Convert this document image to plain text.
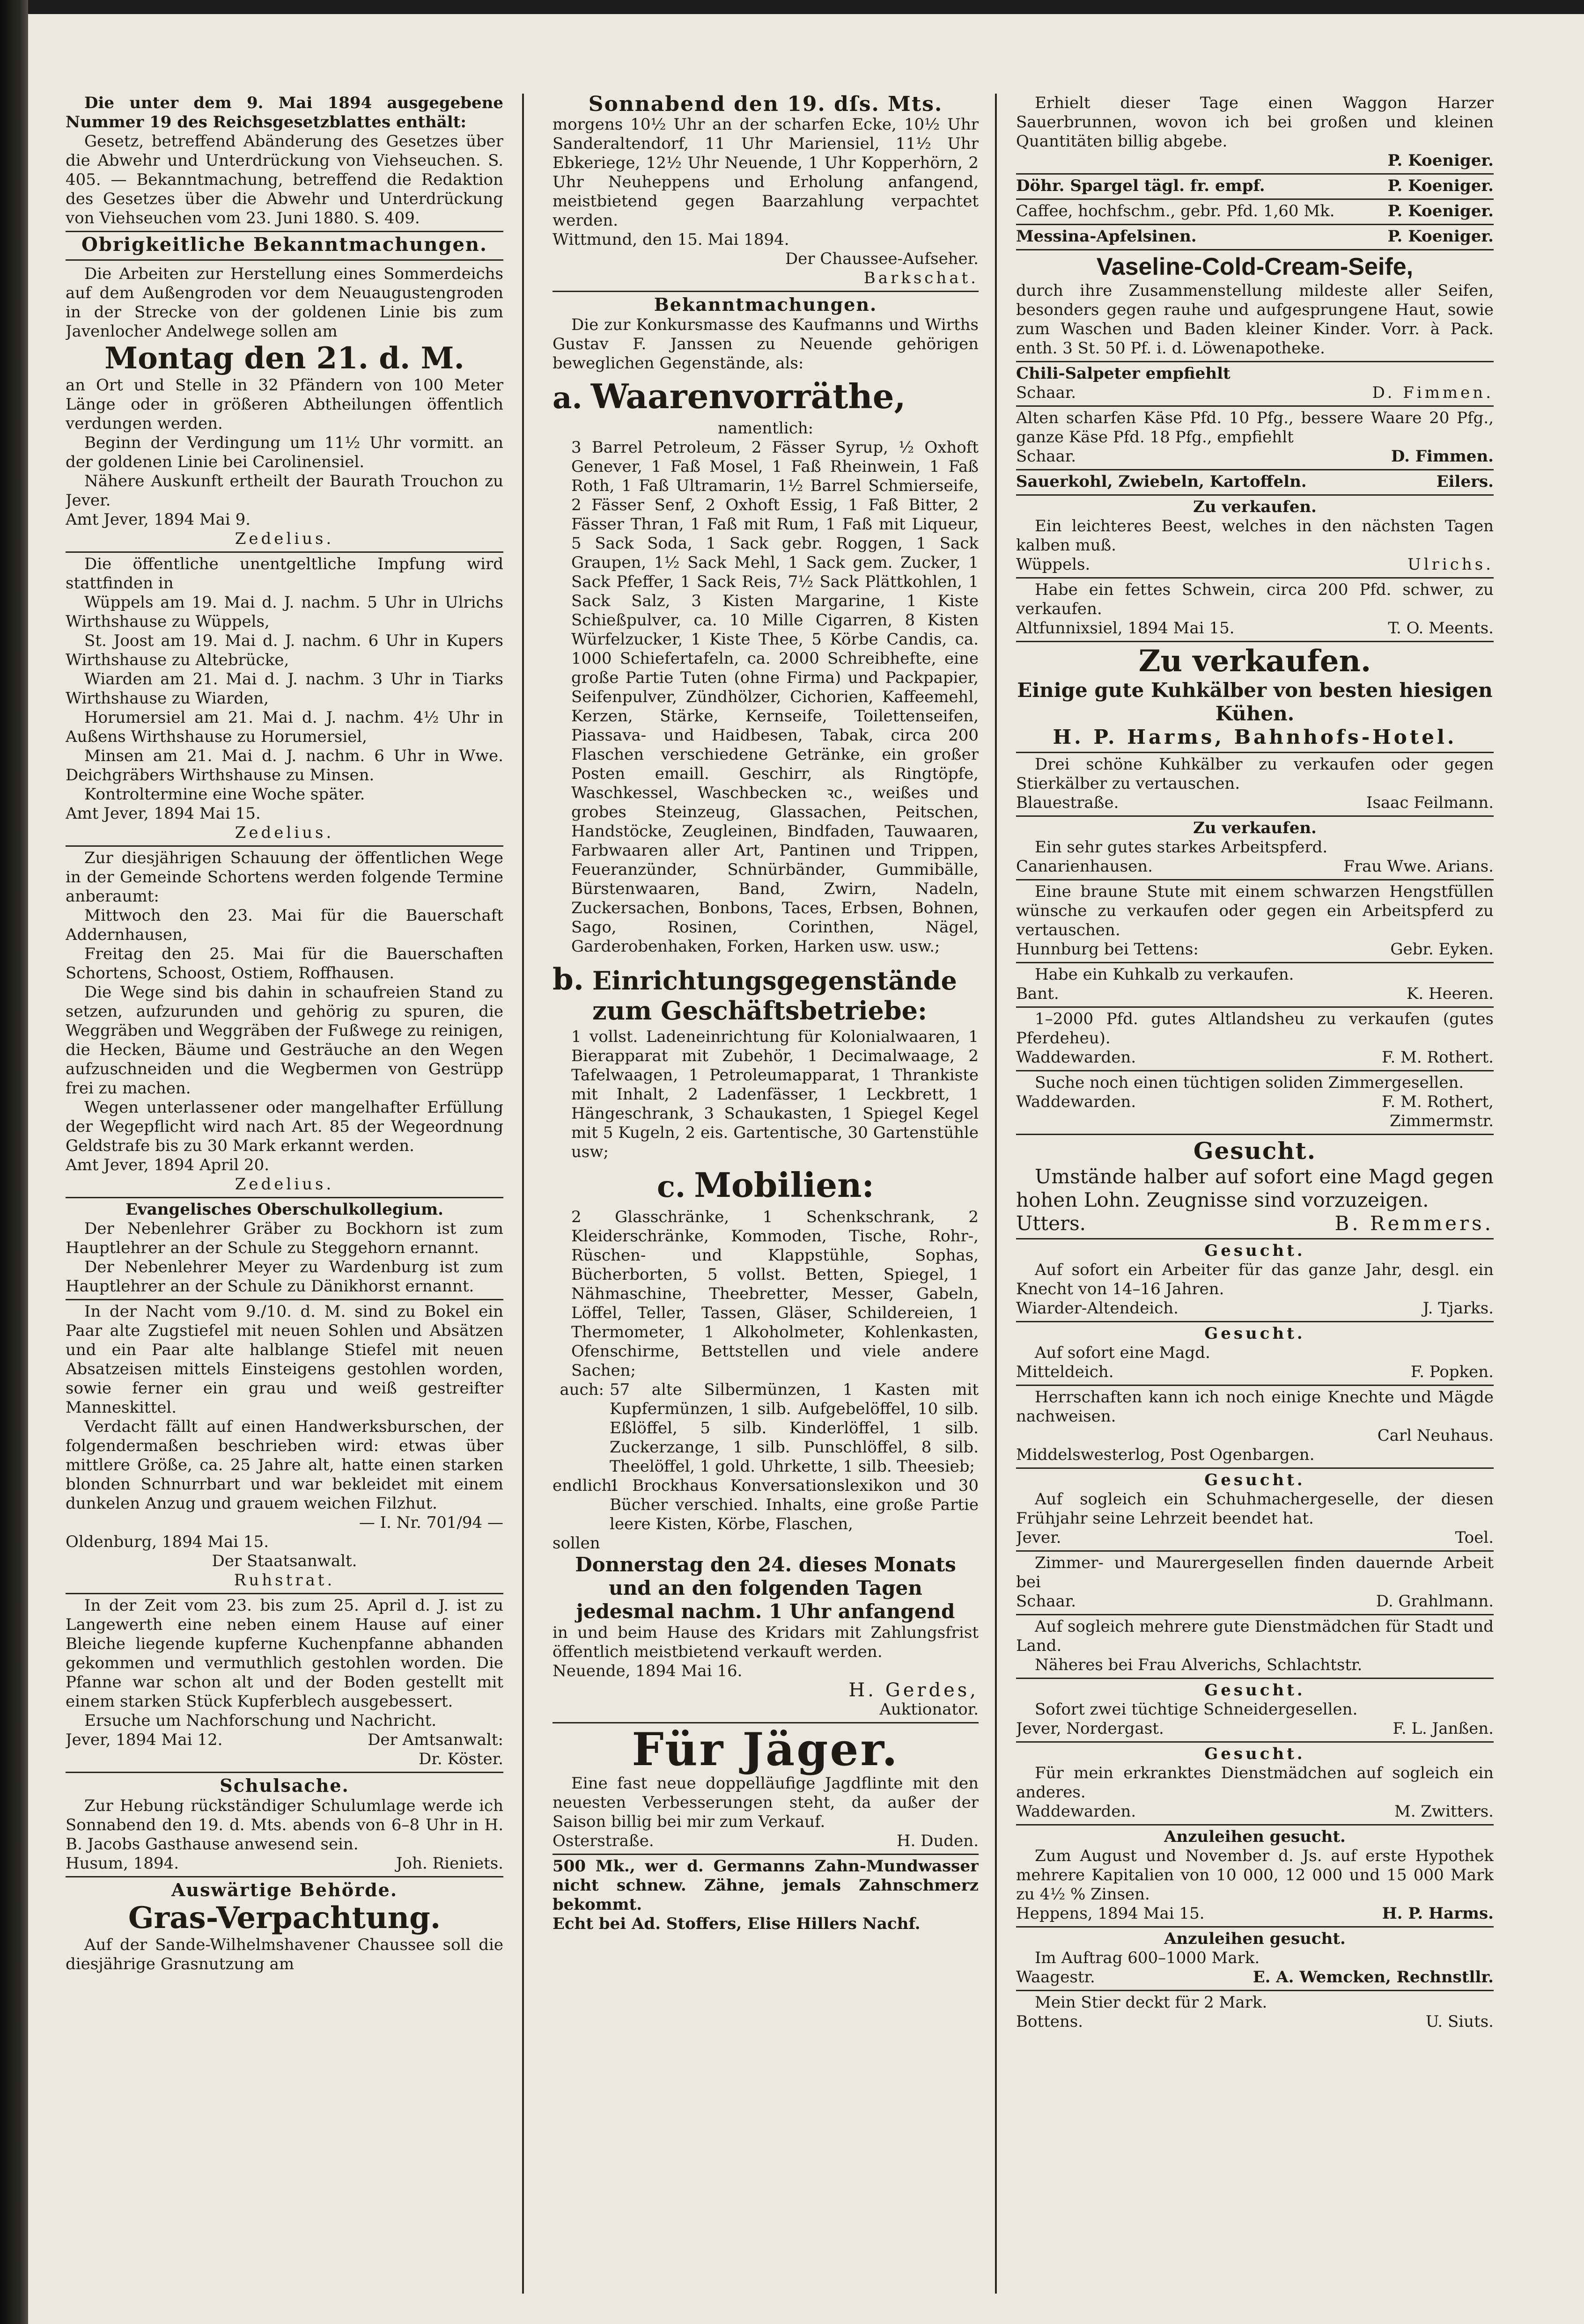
Die unter dem 9. Mai 1894 ausgegebene Nummer 19 des Reichsgesetzblattes enthält:

Gesetz, betreffend Abänderung des Gesetzes über die Abwehr und Unterdrückung von Viehseuchen. S. 405. — Bekanntmachung, betreffend die Redaktion des Gesetzes über die Abwehr und Unterdrückung von Viehseuchen vom 23. Juni 1880. S. 409.

Obrigkeitliche Bekanntmachungen.

Die Arbeiten zur Herstellung eines Sommerdeichs auf dem Außengroden vor dem Neuaugustengroden in der Strecke von der goldenen Linie bis zum Javenlocher Andelwege sollen am

Montag den 21. d. M.

an Ort und Stelle in 32 Pfändern von 100 Meter Länge oder in größeren Abtheilungen öffentlich verdungen werden.

Beginn der Verdingung um 11½ Uhr vormitt. an der goldenen Linie bei Carolinensiel.

Nähere Auskunft ertheilt der Baurath Trouchon zu Jever.

Amt Jever, 1894 Mai 9.
Zedelius.

Die öffentliche unentgeltliche Impfung wird stattfinden in

Wüppels am 19. Mai d. J. nachm. 5 Uhr in Ulrichs Wirthshause zu Wüppels,

St. Joost am 19. Mai d. J. nachm. 6 Uhr in Kupers Wirthshause zu Altebrücke,

Wiarden am 21. Mai d. J. nachm. 3 Uhr in Tiarks Wirthshause zu Wiarden,

Horumersiel am 21. Mai d. J. nachm. 4½ Uhr in Außens Wirthshause zu Horumersiel,

Minsen am 21. Mai d. J. nachm. 6 Uhr in Wwe. Deichgräbers Wirthshause zu Minsen.

Kontroltermine eine Woche später.

Amt Jever, 1894 Mai 15.
Zedelius.

Zur diesjährigen Schauung der öffentlichen Wege in der Gemeinde Schortens werden folgende Termine anberaumt:

Mittwoch den 23. Mai für die Bauerschaft Addernhausen,

Freitag den 25. Mai für die Bauerschaften Schortens, Schoost, Ostiem, Roffhausen.

Die Wege sind bis dahin in schaufreien Stand zu setzen, aufzurunden und gehörig zu spuren, die Weggräben und Weggräben der Fußwege zu reinigen, die Hecken, Bäume und Gesträuche an den Wegen aufzuschneiden und die Wegbermen von Gestrüpp frei zu machen.

Wegen unterlassener oder mangelhafter Erfüllung der Wegepflicht wird nach Art. 85 der Wegeordnung Geldstrafe bis zu 30 Mark erkannt werden.

Amt Jever, 1894 April 20.
Zedelius.
Evangelisches Oberschulkollegium.

Der Nebenlehrer Gräber zu Bockhorn ist zum Hauptlehrer an der Schule zu Steggehorn ernannt.

Der Nebenlehrer Meyer zu Wardenburg ist zum Hauptlehrer an der Schule zu Dänikhorst ernannt.

In der Nacht vom 9./10. d. M. sind zu Bokel ein Paar alte Zugstiefel mit neuen Sohlen und Absätzen und ein Paar alte halblange Stiefel mit neuen Absatzeisen mittels Einsteigens gestohlen worden, sowie ferner ein grau und weiß gestreifter Manneskittel.

Verdacht fällt auf einen Handwerksburschen, der folgendermaßen beschrieben wird: etwas über mittlere Größe, ca. 25 Jahre alt, hatte einen starken blonden Schnurrbart und war bekleidet mit einem dunkelen Anzug und grauem weichen Filzhut.

— I. Nr. 701/94 —
Oldenburg, 1894 Mai 15.
Der Staatsanwalt.
Ruhstrat.

In der Zeit vom 23. bis zum 25. April d. J. ist zu Langewerth eine neben einem Hause auf einer Bleiche liegende kupferne Kuchenpfanne abhanden gekommen und vermuthlich gestohlen worden. Die Pfanne war schon alt und der Boden gestellt mit einem starken Stück Kupferblech ausgebessert.

Ersuche um Nachforschung und Nachricht.

Jever, 1894 Mai 12.	Der Amtsanwalt:
Dr. Köster.
Schulsache.

Zur Hebung rückständiger Schulumlage werde ich Sonnabend den 19. d. Mts. abends von 6–8 Uhr in H. B. Jacobs Gasthause anwesend sein.

Husum, 1894.	Joh. Rieniets.
Auswärtige Behörde.
Gras-Verpachtung.

Auf der Sande-Wilhelmshavener Chaussee soll die diesjährige Grasnutzung am

Sonnabend den 19. dſs. Mts.

morgens 10½ Uhr an der scharfen Ecke, 10½ Uhr Sanderaltendorf, 11 Uhr Mariensiel, 11½ Uhr Ebkeriege, 12½ Uhr Neuende, 1 Uhr Kopperhörn, 2 Uhr Neuheppens und Erholung anfangend, meistbietend gegen Baarzahlung verpachtet werden.

Wittmund, den 15. Mai 1894.
Der Chaussee-Aufseher.
Barkschat.
Bekanntmachungen.

Die zur Konkursmasse des Kaufmanns und Wirths Gustav F. Janssen zu Neuende gehörigen beweglichen Gegenstände, als:

a. Waarenvorräthe,
namentlich:

3 Barrel Petroleum, 2 Fässer Syrup, ½ Oxhoft Genever, 1 Faß Mosel, 1 Faß Rheinwein, 1 Faß Roth, 1 Faß Ultramarin, 1½ Barrel Schmierseife, 2 Fässer Senf, 2 Oxhoft Essig, 1 Faß Bitter, 2 Fässer Thran, 1 Faß mit Rum, 1 Faß mit Liqueur, 5 Sack Soda, 1 Sack gebr. Roggen, 1 Sack Graupen, 1½ Sack Mehl, 1 Sack gem. Zucker, 1 Sack Pfeffer, 1 Sack Reis, 7½ Sack Plättkohlen, 1 Sack Salz, 3 Kisten Margarine, 1 Kiste Schießpulver, ca. 10 Mille Cigarren, 8 Kisten Würfelzucker, 1 Kiste Thee, 5 Körbe Candis, ca. 1000 Schiefertafeln, ca. 2000 Schreibhefte, eine große Partie Tuten (ohne Firma) und Packpapier, Seifenpulver, Zündhölzer, Cichorien, Kaffeemehl, Kerzen, Stärke, Kernseife, Toilettenseifen, Piassava- und Haidbesen, Tabak, circa 200 Flaschen verschiedene Getränke, ein großer Posten emaill. Geschirr, als Ringtöpfe, Waschkessel, Waschbecken ꝛc., weißes und grobes Steinzeug, Glassachen, Peitschen, Handstöcke, Zeugleinen, Bindfaden, Tauwaaren, Farbwaaren aller Art, Pantinen und Trippen, Feueranzünder, Schnürbänder, Gummibälle, Bürstenwaaren, Band, Zwirn, Nadeln, Zuckersachen, Bonbons, Taces, Erbsen, Bohnen, Sago, Rosinen, Corinthen, Nägel, Garderobenhaken, Forken, Harken usw. usw.;

b. Einrichtungsgegenstände zum Geschäftsbetriebe:

1 vollst. Ladeneinrichtung für Kolonialwaaren, 1 Bierapparat mit Zubehör, 1 Decimalwaage, 2 Tafelwaagen, 1 Petroleumapparat, 1 Thrankiste mit Inhalt, 2 Ladenfässer, 1 Leckbrett, 1 Hängeschrank, 3 Schaukasten, 1 Spiegel Kegel mit 5 Kugeln, 2 eis. Gartentische, 30 Gartenstühle usw;

c. Mobilien:

2 Glasschränke, 1 Schenkschrank, 2 Kleiderschränke, Kommoden, Tische, Rohr-, Rüschen- und Klappstühle, Sophas, Bücherborten, 5 vollst. Betten, Spiegel, 1 Nähmaschine, Theebretter, Messer, Gabeln, Löffel, Teller, Tassen, Gläser, Schildereien, 1 Thermometer, 1 Alkoholmeter, Kohlenkasten, Ofenschirme, Bettstellen und viele andere Sachen;

auch: 57 alte Silbermünzen, 1 Kasten mit Kupfermünzen, 1 silb. Aufgebelöffel, 10 silb. Eßlöffel, 5 silb. Kinderlöffel, 1 silb. Zuckerzange, 1 silb. Punschlöffel, 8 silb. Theelöffel, 1 gold. Uhrkette, 1 silb. Theesieb;
endlich:
1 Brockhaus Konversationslexikon und 30 Bücher verschied. Inhalts, eine große Partie leere Kisten, Körbe, Flaschen,
sollen
Donnerstag den 24. dieses Monats
und an den folgenden Tagen
jedesmal nachm. 1 Uhr anfangend

in und beim Hause des Kridars mit Zahlungsfrist öffentlich meistbietend verkauft werden.

Neuende, 1894 Mai 16.
H. Gerdes,
Auktionator.
Für Jäger.

Eine fast neue doppelläufige Jagdflinte mit den neuesten Verbesserungen steht, da außer der Saison billig bei mir zum Verkauf.

Osterstraße.	H. Duden.

500 Mk., wer d. Germanns Zahn-Mundwasser nicht schnew. Zähne, jemals Zahnschmerz bekommt.

Echt bei Ad. Stoffers, Elise Hillers Nachf.

Erhielt dieser Tage einen Waggon Harzer Sauerbrunnen, wovon ich bei großen und kleinen Quantitäten billig abgebe.

P. Koeniger.
Döhr. Spargel tägl. fr. empf.	P. Koeniger.
Caffee, hochfschm., gebr. Pfd. 1,60 Mk.	P. Koeniger.
Messina-Apfelsinen.	P. Koeniger.
Vaseline-Cold-Cream-Seife,

durch ihre Zusammenstellung mildeste aller Seifen, besonders gegen rauhe und aufgesprungene Haut, sowie zum Waschen und Baden kleiner Kinder. Vorr. à Pack. enth. 3 St. 50 Pf. i. d. Löwenapotheke.

Chili-Salpeter empfiehlt
Schaar.	D. Fimmen.

Alten scharfen Käse Pfd. 10 Pfg., bessere Waare 20 Pfg., ganze Käse Pfd. 18 Pfg., empfiehlt

Schaar.	D. Fimmen.
Sauerkohl, Zwiebeln, Kartoffeln.	Eilers.
Zu verkaufen.

Ein leichteres Beest, welches in den nächsten Tagen kalben muß.

Wüppels.	Ulrichs.

Habe ein fettes Schwein, circa 200 Pfd. schwer, zu verkaufen.

Altfunnixsiel, 1894 Mai 15.	T. O. Meents.
Zu verkaufen.
Einige gute Kuhkälber von besten hiesigen Kühen.
H. P. Harms, Bahnhofs-Hotel.

Drei schöne Kuhkälber zu verkaufen oder gegen Stierkälber zu vertauschen.

Blauestraße.	Isaac Feilmann.
Zu verkaufen.

Ein sehr gutes starkes Arbeitspferd.

Canarienhausen.	Frau Wwe. Arians.

Eine braune Stute mit einem schwarzen Hengstfüllen wünsche zu verkaufen oder gegen ein Arbeitspferd zu vertauschen.

Hunnburg bei Tettens:	Gebr. Eyken.

Habe ein Kuhkalb zu verkaufen.

Bant.	K. Heeren.

1–2000 Pfd. gutes Altlandsheu zu verkaufen (gutes Pferdeheu).

Waddewarden.	F. M. Rothert.

Suche noch einen tüchtigen soliden Zimmergesellen.

Waddewarden.	F. M. Rothert,
Zimmermstr.
Gesucht.

Umstände halber auf sofort eine Magd gegen hohen Lohn. Zeugnisse sind vorzuzeigen.

Utters.	B. Remmers.
Gesucht.

Auf sofort ein Arbeiter für das ganze Jahr, desgl. ein Knecht von 14–16 Jahren.

Wiarder-Altendeich.	J. Tjarks.
Gesucht.

Auf sofort eine Magd.

Mitteldeich.	F. Popken.

Herrschaften kann ich noch einige Knechte und Mägde nachweisen.

Carl Neuhaus.
Middelswesterlog, Post Ogenbargen.
Gesucht.

Auf sogleich ein Schuhmachergeselle, der diesen Frühjahr seine Lehrzeit beendet hat.

Jever.	Toel.

Zimmer- und Maurergesellen finden dauernde Arbeit bei

Schaar.	D. Grahlmann.

Auf sogleich mehrere gute Dienstmädchen für Stadt und Land.

Näheres bei Frau Alverichs, Schlachtstr.

Gesucht.

Sofort zwei tüchtige Schneidergesellen.

Jever, Nordergast.	F. L. Janßen.
Gesucht.

Für mein erkranktes Dienstmädchen auf sogleich ein anderes.

Waddewarden.	M. Zwitters.
Anzuleihen gesucht.

Zum August und November d. Js. auf erste Hypothek mehrere Kapitalien von 10 000, 12 000 und 15 000 Mark zu 4½ % Zinsen.

Heppens, 1894 Mai 15.	H. P. Harms.
Anzuleihen gesucht.

Im Auftrag 600–1000 Mark.

Waagestr.	E. A. Wemcken, Rechnstllr.

Mein Stier deckt für 2 Mark.

Bottens.	U. Siuts.
